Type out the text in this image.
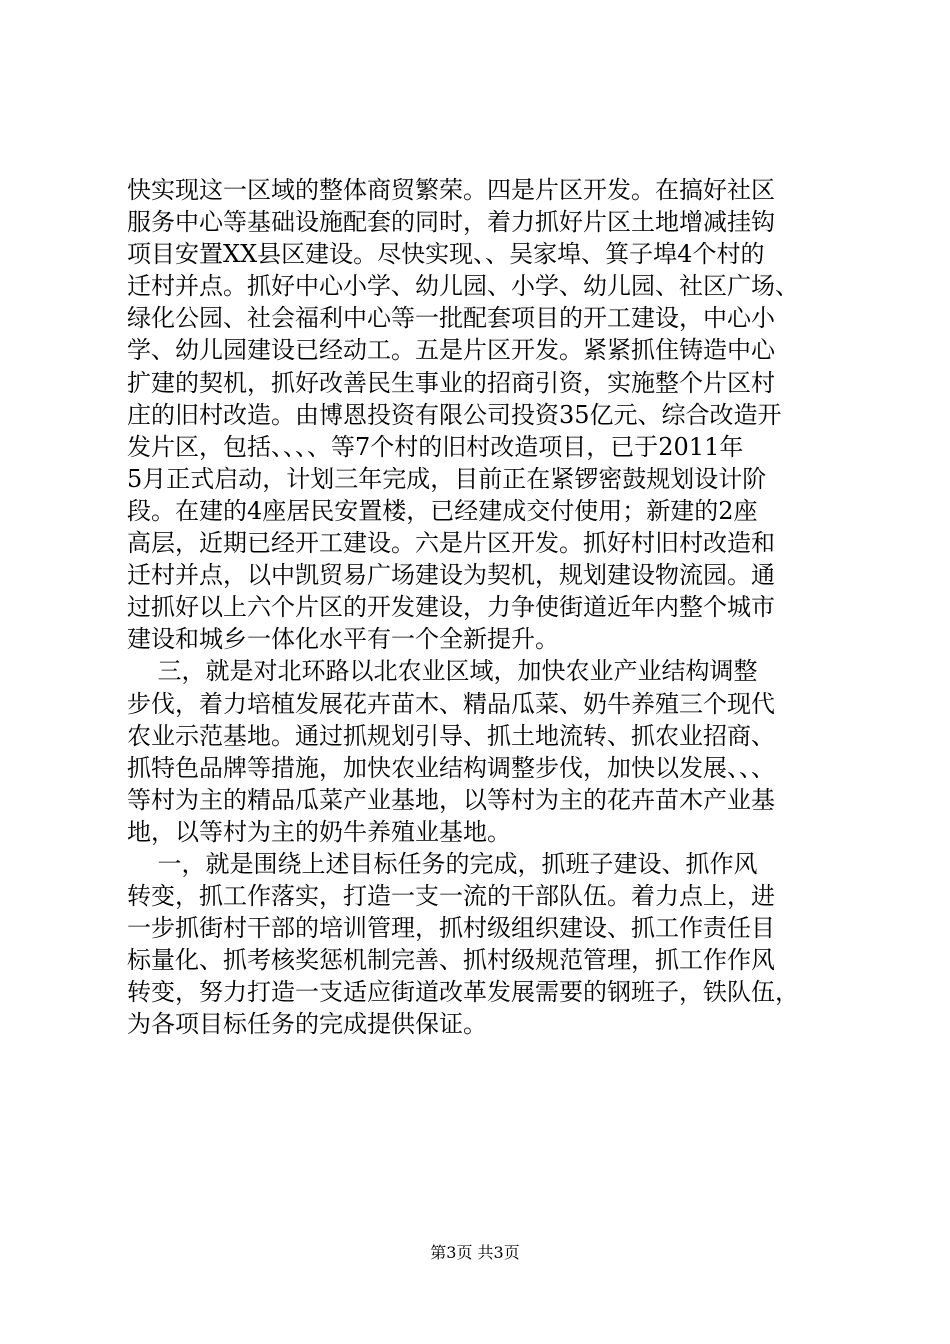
快实现这一区域的整体商贸繁荣。四是片区开发。在搞好社区
服务中心等基础设施配套的同时，着力抓好片区土地增减挂钩
项目安置XX县区建设。尽快实现、、吴家埠、箕子埠4个村的
迁村并点。抓好中心小学、幼儿园、小学、幼儿园、社区广场、
绿化公园、社会福利中心等一批配套项目的开工建设，中心小
学、幼儿园建设已经动工。五是片区开发。紧紧抓住铸造中心
扩建的契机，抓好改善民生事业的招商引资，实施整个片区村
庄的旧村改造。由博恩投资有限公司投资35亿元、综合改造开
发片区，包括、、、、等7个村的旧村改造项目，已于2011年
5月正式启动，计划三年完成，目前正在紧锣密鼓规划设计阶
段。在建的4座居民安置楼，已经建成交付使用；新建的2座
高层，近期已经开工建设。六是片区开发。抓好村旧村改造和
迁村并点，以中凯贸易广场建设为契机，规划建设物流园。通
过抓好以上六个片区的开发建设，力争使街道近年内整个城市
建设和城乡一体化水平有一个全新提升。
三，就是对北环路以北农业区域，加快农业产业结构调整
步伐，着力培植发展花卉苗木、精品瓜菜、奶牛养殖三个现代
农业示范基地。通过抓规划引导、抓土地流转、抓农业招商、
抓特色品牌等措施，加快农业结构调整步伐，加快以发展、、、
等村为主的精品瓜菜产业基地，以等村为主的花卉苗木产业基
地，以等村为主的奶牛养殖业基地。
一，就是围绕上述目标任务的完成，抓班子建设、抓作风
转变，抓工作落实，打造一支一流的干部队伍。着力点上，进
一步抓街村干部的培训管理，抓村级组织建设、抓工作责任目
标量化、抓考核奖惩机制完善、抓村级规范管理，抓工作作风
转变，努力打造一支适应街道改革发展需要的钢班子，铁队伍，
为各项目标任务的完成提供保证。
第3页 共3页
